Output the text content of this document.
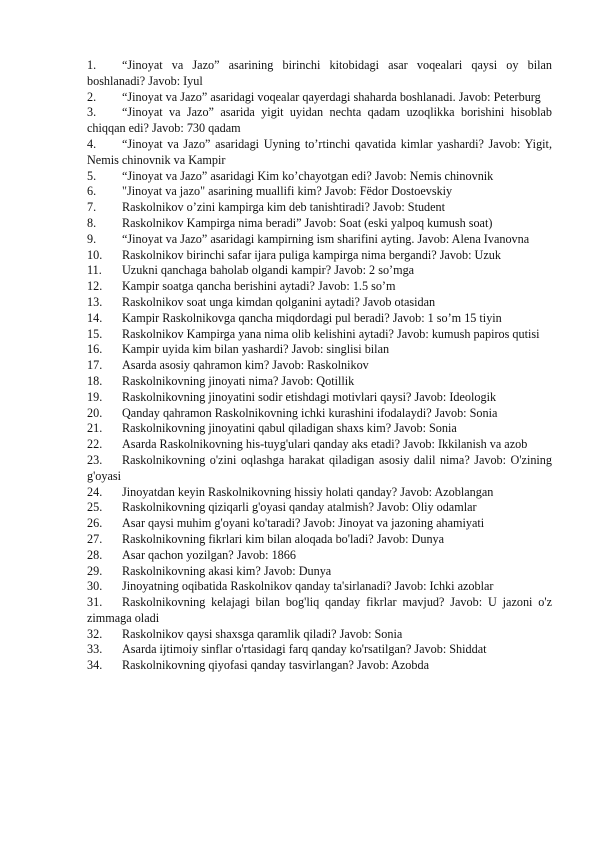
1.	“Jinoyat va Jazo” asarining birinchi kitobidagi asar voqealari qaysi oy bilan boshlanadi? Javob: Iyul
2.	“Jinoyat va Jazo” asaridagi voqealar qayerdagi shaharda boshlanadi. Javob: Peterburg
3.	“Jinoyat va Jazo” asarida yigit uyidan nechta qadam uzoqlikka borishini hisoblab chiqqan edi? Javob: 730 qadam
4.	“Jinoyat va Jazo” asaridagi Uyning to’rtinchi qavatida kimlar yashardi? Javob: Yigit, Nemis chinovnik va Kampir
5.	“Jinoyat va Jazo” asaridagi Kim ko’chayotgan edi? Javob: Nemis chinovnik
6.	"Jinoyat va jazo" asarining muallifi kim? Javob: Fëdor Dostoevskiy
7.	Raskolnikov o’zini kampirga kim deb tanishtiradi? Javob: Student
8.	Raskolnikov Kampirga nima beradi” Javob: Soat (eski yalpoq kumush soat)
9.	“Jinoyat va Jazo” asaridagi kampirning ism sharifini ayting. Javob: Alena Ivanovna
10.	Raskolnikov birinchi safar ijara puliga kampirga nima bergandi? Javob: Uzuk
11.	Uzukni qanchaga baholab olgandi kampir? Javob: 2 so’mga
12.	Kampir soatga qancha berishini aytadi? Javob: 1.5 so’m
13.	Raskolnikov soat unga kimdan qolganini aytadi? Javob otasidan
14.	Kampir Raskolnikovga qancha miqdordagi pul beradi? Javob: 1 so’m 15 tiyin
15.	Raskolnikov Kampirga yana nima olib kelishini aytadi? Javob: kumush papiros qutisi
16.	Kampir uyida kim bilan yashardi? Javob: singlisi bilan
17.	Asarda asosiy qahramon kim? Javob: Raskolnikov
18.	Raskolnikovning jinoyati nima? Javob: Qotillik
19.	Raskolnikovning jinoyatini sodir etishdagi motivlari qaysi? Javob: Ideologik
20.	Qanday qahramon Raskolnikovning ichki kurashini ifodalaydi? Javob: Sonia
21.	Raskolnikovning jinoyatini qabul qiladigan shaxs kim? Javob: Sonia
22.	Asarda Raskolnikovning his-tuyg'ulari qanday aks etadi? Javob: Ikkilanish va azob
23.	Raskolnikovning o'zini oqlashga harakat qiladigan asosiy dalil nima? Javob: O'zining g'oyasi
24.	Jinoyatdan keyin Raskolnikovning hissiy holati qanday? Javob: Azoblangan
25.	Raskolnikovning qiziqarli g'oyasi qanday atalmish? Javob: Oliy odamlar
26.	Asar qaysi muhim g'oyani ko'taradi? Javob: Jinoyat va jazoning ahamiyati
27.	Raskolnikovning fikrlari kim bilan aloqada bo'ladi? Javob: Dunya
28.	Asar qachon yozilgan? Javob: 1866
29.	Raskolnikovning akasi kim? Javob: Dunya
30.	Jinoyatning oqibatida Raskolnikov qanday ta'sirlanadi? Javob: Ichki azoblar
31.	Raskolnikovning kelajagi bilan bog'liq qanday fikrlar mavjud? Javob: U jazoni o'z zimmaga oladi
32.	Raskolnikov qaysi shaxsga qaramlik qiladi? Javob: Sonia
33.	Asarda ijtimoiy sinflar o'rtasidagi farq qanday ko'rsatilgan? Javob: Shiddat
34.	Raskolnikovning qiyofasi qanday tasvirlangan? Javob: Azobda
